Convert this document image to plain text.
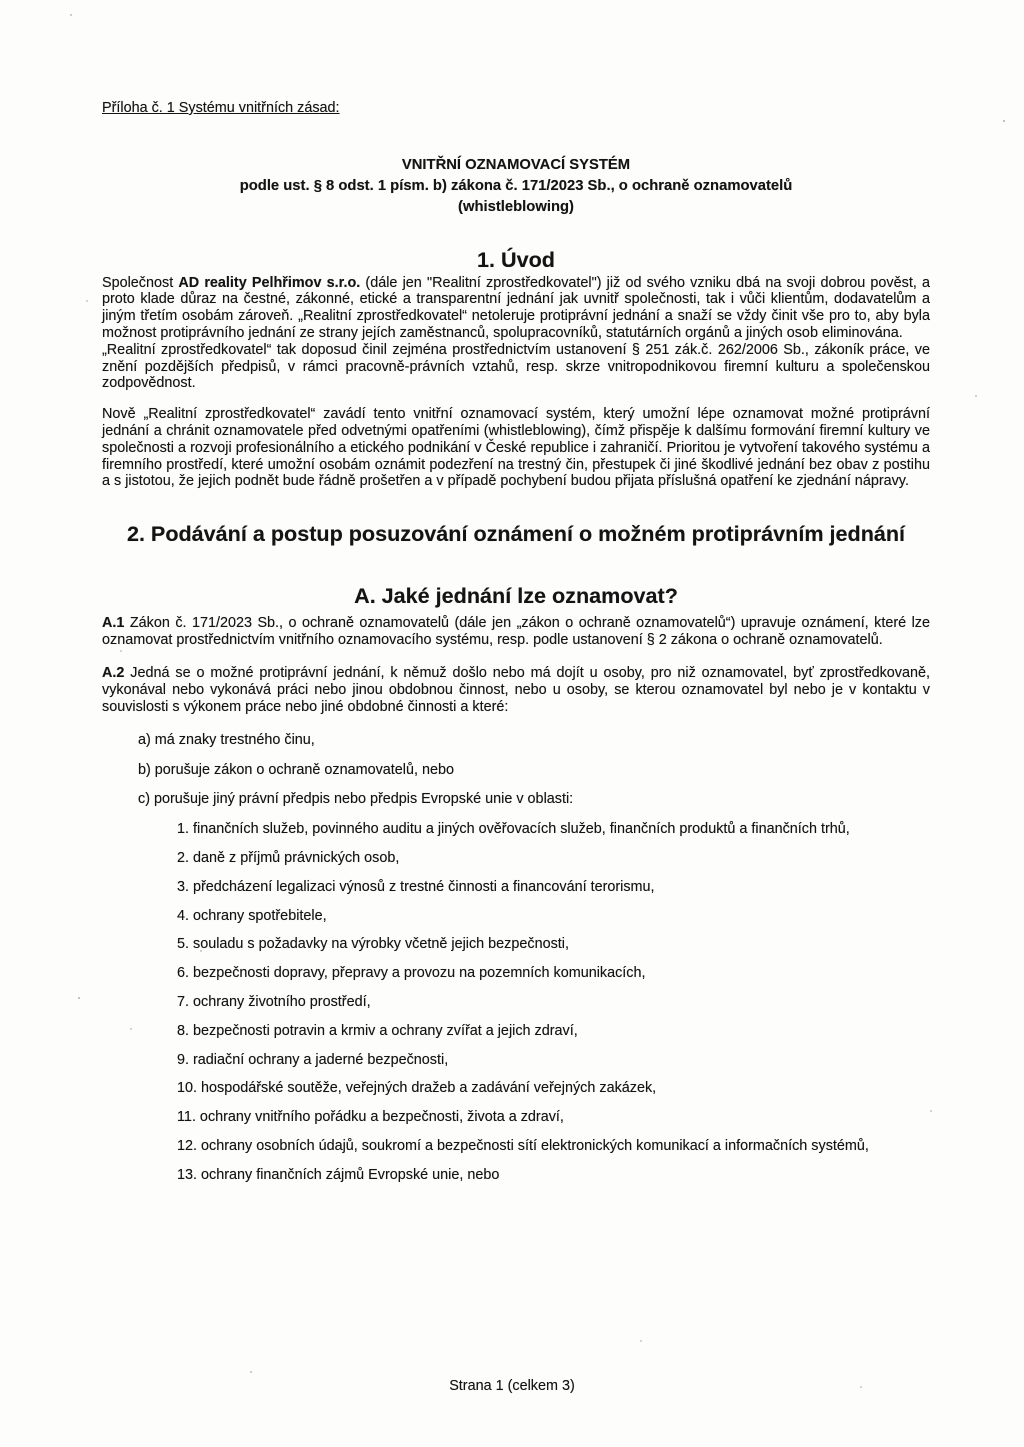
Příloha č. 1 Systému vnitřních zásad:
VNITŘNÍ OZNAMOVACÍ SYSTÉM
podle ust. § 8 odst. 1 písm. b) zákona č. 171/2023 Sb., o ochraně oznamovatelů
(whistleblowing)
1. Úvod

Společnost AD reality Pelhřimov s.r.o. (dále jen "Realitní zprostředkovatel") již od svého vzniku dbá na svoji dobrou pověst, a proto klade důraz na čestné, zákonné, etické a transparentní jednání jak uvnitř společnosti, tak i vůči klientům, dodavatelům a jiným třetím osobám zároveň. „Realitní zprostředkovatel“ netoleruje protiprávní jednání a snaží se vždy činit vše pro to, aby byla možnost protiprávního jednání ze strany jejích zaměstnanců, spolupracovníků, statutárních orgánů a jiných osob eliminována.

„Realitní zprostředkovatel“ tak doposud činil zejména prostřednictvím ustanovení § 251 zák.č. 262/2006 Sb., zákoník práce, ve znění pozdějších předpisů, v rámci pracovně-právních vztahů, resp. skrze vnitropodnikovou firemní kulturu a společenskou zodpovědnost.

Nově „Realitní zprostředkovatel“ zavádí tento vnitřní oznamovací systém, který umožní lépe oznamovat možné protiprávní jednání a chránit oznamovatele před odvetnými opatřeními (whistleblowing), čímž přispěje k dalšímu formování firemní kultury ve společnosti a rozvoji profesionálního a etického podnikání v České republice i zahraničí. Prioritou je vytvoření takového systému a firemního prostředí, které umožní osobám oznámit podezření na trestný čin, přestupek či jiné škodlivé jednání bez obav z postihu a s jistotou, že jejich podnět bude řádně prošetřen a v případě pochybení budou přijata příslušná opatření ke zjednání nápravy.

2. Podávání a postup posuzování oznámení o možném protiprávním jednání
A. Jaké jednání lze oznamovat?

A.1 Zákon č. 171/2023 Sb., o ochraně oznamovatelů (dále jen „zákon o ochraně oznamovatelů“) upravuje oznámení, které lze oznamovat prostřednictvím vnitřního oznamovacího systému, resp. podle ustanovení § 2 zákona o ochraně oznamovatelů.

A.2 Jedná se o možné protiprávní jednání, k němuž došlo nebo má dojít u osoby, pro niž oznamovatel, byť zprostředkovaně, vykonával nebo vykonává práci nebo jinou obdobnou činnost, nebo u osoby, se kterou oznamovatel byl nebo je v kontaktu v souvislosti s výkonem práce nebo jiné obdobné činnosti a které:

a) má znaky trestného činu,

b) porušuje zákon o ochraně oznamovatelů, nebo

c) porušuje jiný právní předpis nebo předpis Evropské unie v oblasti:

1. finančních služeb, povinného auditu a jiných ověřovacích služeb, finančních produktů a finančních trhů,

2. daně z příjmů právnických osob,

3. předcházení legalizaci výnosů z trestné činnosti a financování terorismu,

4. ochrany spotřebitele,

5. souladu s požadavky na výrobky včetně jejich bezpečnosti,

6. bezpečnosti dopravy, přepravy a provozu na pozemních komunikacích,

7. ochrany životního prostředí,

8. bezpečnosti potravin a krmiv a ochrany zvířat a jejich zdraví,

9. radiační ochrany a jaderné bezpečnosti,

10. hospodářské soutěže, veřejných dražeb a zadávání veřejných zakázek,

11. ochrany vnitřního pořádku a bezpečnosti, života a zdraví,

12. ochrany osobních údajů, soukromí a bezpečnosti sítí elektronických komunikací a informačních systémů,

13. ochrany finančních zájmů Evropské unie, nebo

Strana 1 (celkem 3)
